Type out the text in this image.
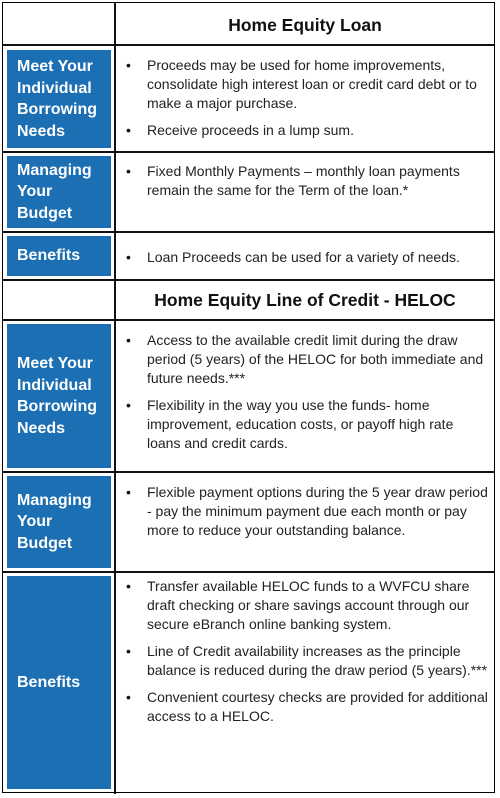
Home Equity Loan
Meet Your Individual Borrowing Needs
• Proceeds may be used for home improvements, consolidate high interest loan or credit card debt or to make a major purchase.
• Receive proceeds in a lump sum.
Managing Your Budget
• Fixed Monthly Payments – monthly loan payments remain the same for the Term of the loan.*
Benefits
•	Loan Proceeds can be used for a variety of needs.
Home Equity Line of Credit - HELOC
Meet Your Individual Borrowing Needs
• Access to the available credit limit during the draw period (5 years) of the HELOC for both immediate and future needs.***
• Flexibility in the way you use the funds- home improvement, education costs, or payoff high rate loans and credit cards.
Managing Your Budget
• Flexible payment options during the 5 year draw period - pay the minimum payment due each month or pay more to reduce your outstanding balance.
Benefits
• Transfer available HELOC funds to a WVFCU share draft checking or share savings account through our secure eBranch online banking system.
• Line of Credit availability increases as the principle balance is reduced during the draw period (5 years).***
• Convenient courtesy checks are provided for additional access to a HELOC.
